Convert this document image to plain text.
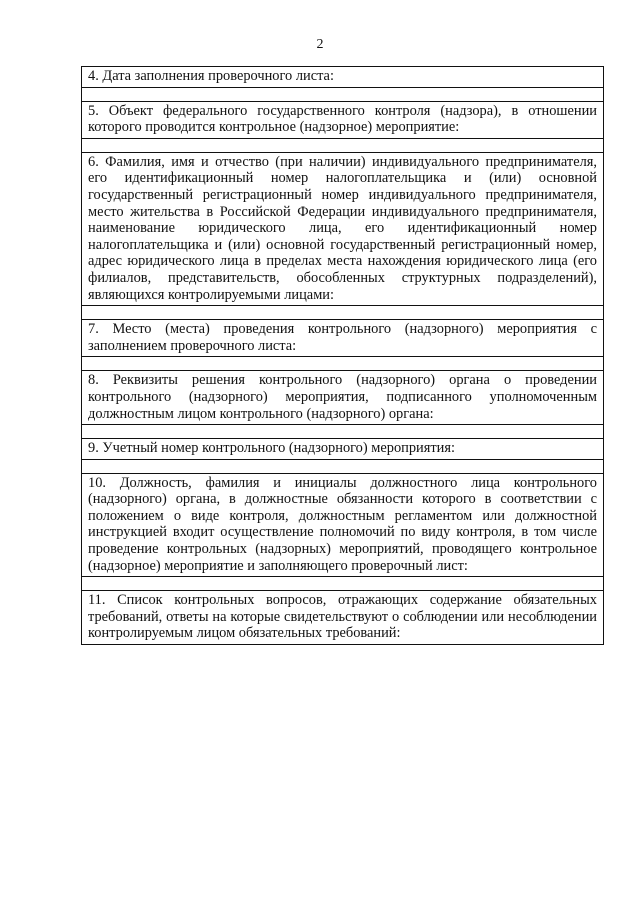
2
4. Дата заполнения проверочного листа:

5. Объект федерального государственного контроля (надзора), в отношении которого проводится контрольное (надзорное) мероприятие:

6. Фамилия, имя и отчество (при наличии) индивидуального предпринимателя, его идентификационный номер налогоплательщика и (или) основной государственный регистрационный номер индивидуального предпринимателя, место жительства в Российской Федерации индивидуального предпринимателя, наименование юридического лица, его идентификационный номер налогоплательщика и (или) основной государственный регистрационный номер, адрес юридического лица в пределах места нахождения юридического лица (его филиалов, представительств, обособленных структурных подразделений), являющихся контролируемыми лицами:

7. Место (места) проведения контрольного (надзорного) мероприятия с заполнением проверочного листа:

8. Реквизиты решения контрольного (надзорного) органа о проведении контрольного (надзорного) мероприятия, подписанного уполномоченным должностным лицом контрольного (надзорного) органа:

9. Учетный номер контрольного (надзорного) мероприятия:

10. Должность, фамилия и инициалы должностного лица контрольного (надзорного) органа, в должностные обязанности которого в соответствии с положением о виде контроля, должностным регламентом или должностной инструкцией входит осуществление полномочий по виду контроля, в том числе проведение контрольных (надзорных) мероприятий, проводящего контрольное (надзорное) мероприятие и заполняющего проверочный лист:

11. Список контрольных вопросов, отражающих содержание обязательных требований, ответы на которые свидетельствуют о соблюдении или несоблюдении контролируемым лицом обязательных требований:
